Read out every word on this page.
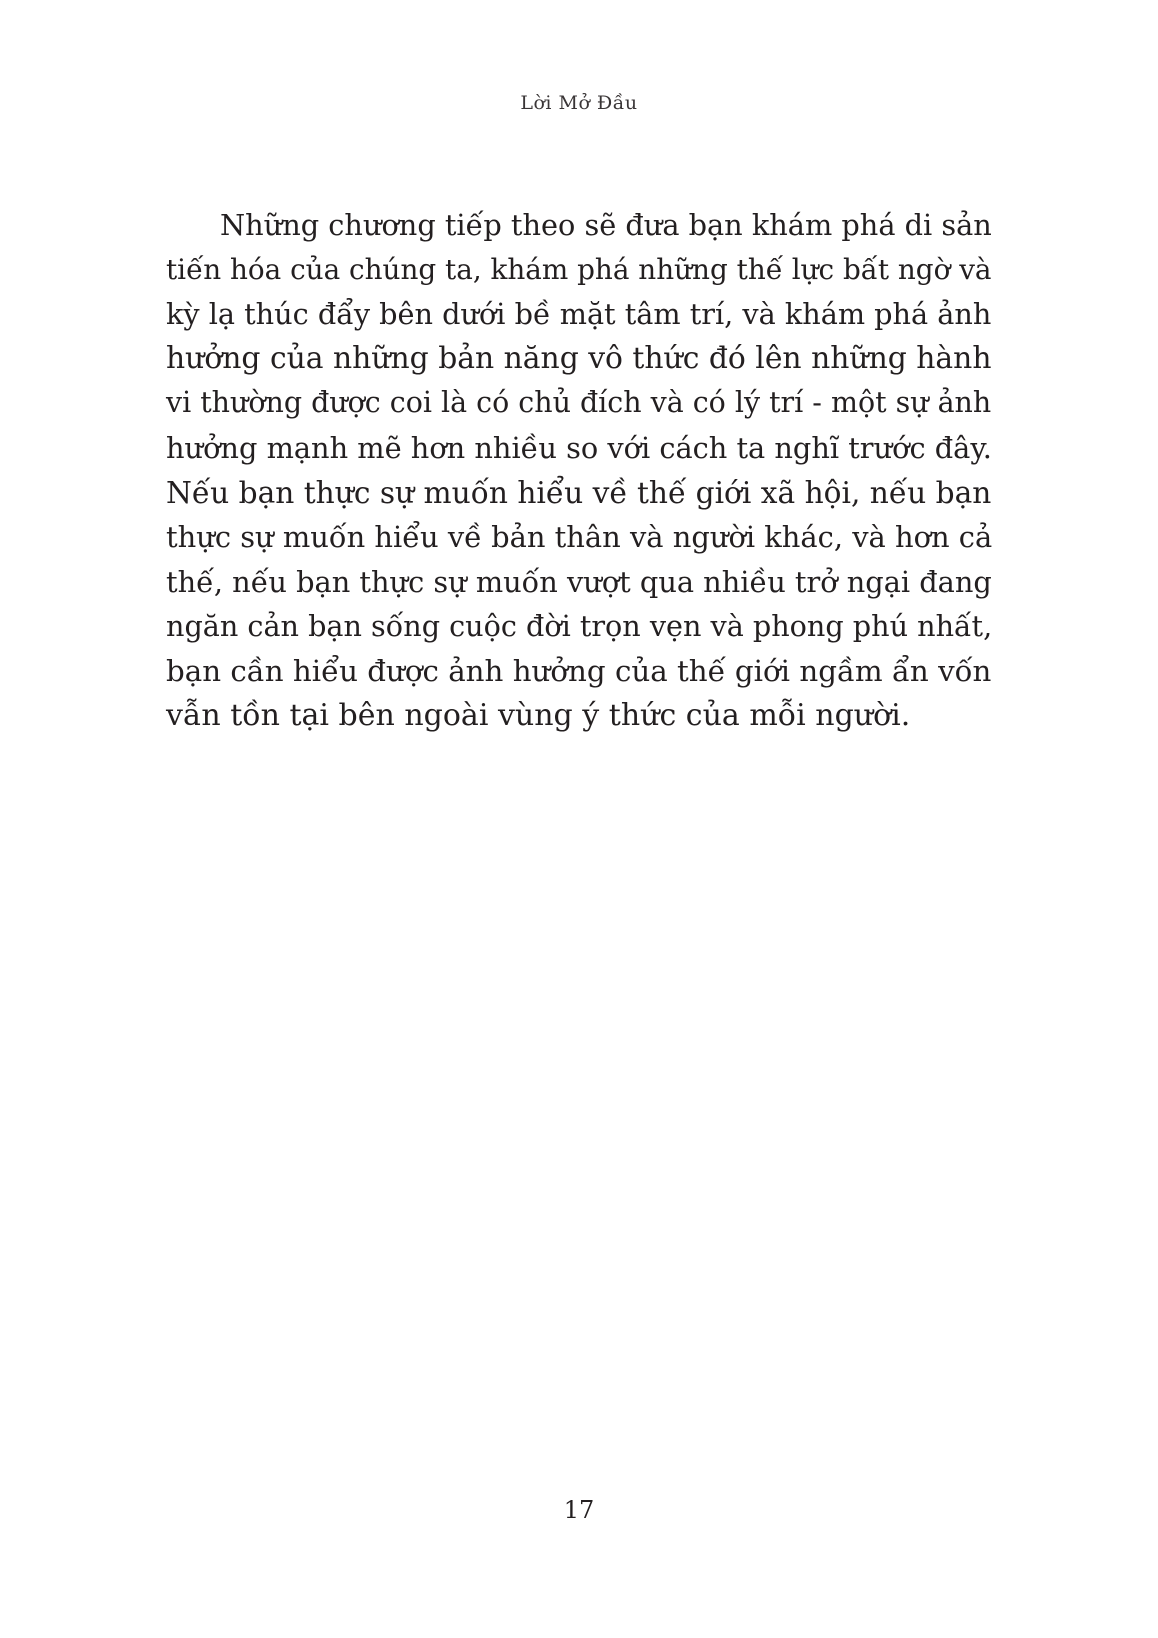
Lời Mở Đầu
Những chương tiếp theo sẽ đưa bạn khám phá di sản
tiến hóa của chúng ta, khám phá những thế lực bất ngờ và
kỳ lạ thúc đẩy bên dưới bề mặt tâm trí, và khám phá ảnh
hưởng của những bản năng vô thức đó lên những hành
vi thường được coi là có chủ đích và có lý trí - một sự ảnh
hưởng mạnh mẽ hơn nhiều so với cách ta nghĩ trước đây.
Nếu bạn thực sự muốn hiểu về thế giới xã hội, nếu bạn
thực sự muốn hiểu về bản thân và người khác, và hơn cả
thế, nếu bạn thực sự muốn vượt qua nhiều trở ngại đang
ngăn cản bạn sống cuộc đời trọn vẹn và phong phú nhất,
bạn cần hiểu được ảnh hưởng của thế giới ngầm ẩn vốn
vẫn tồn tại bên ngoài vùng ý thức của mỗi người.
17
